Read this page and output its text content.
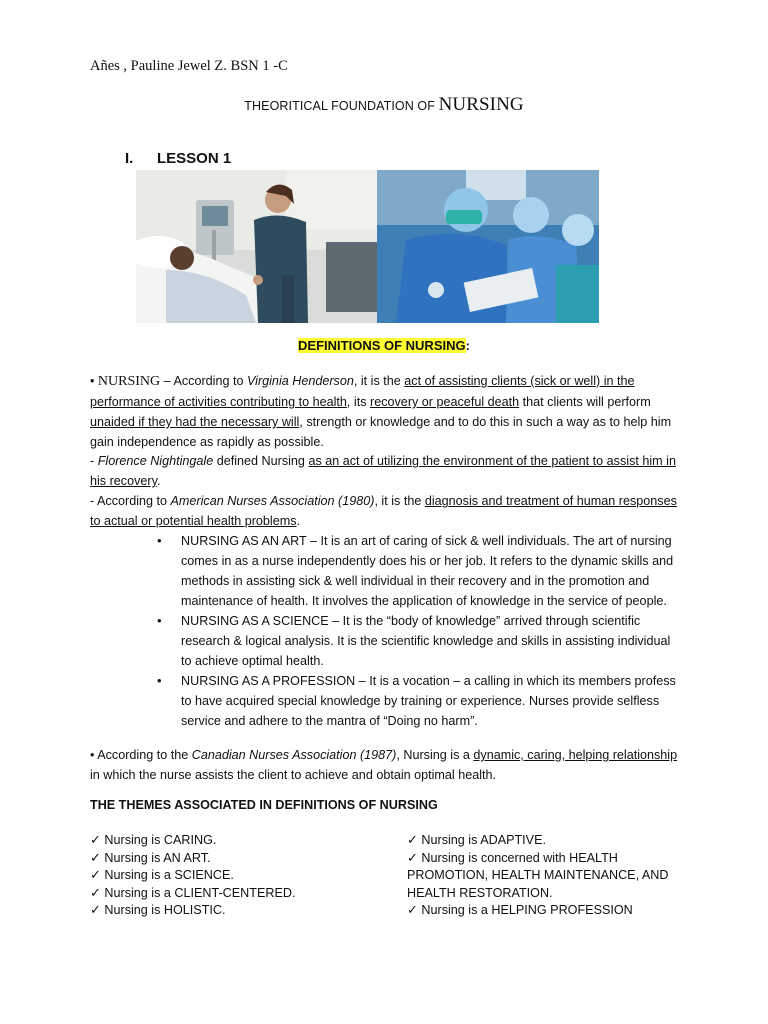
Añes , Pauline Jewel Z. BSN 1 -C
THEORITICAL FOUNDATION OF NURSING
I. LESSON 1
DEFINITIONS OF NURSING:
• NURSING – According to Virginia Henderson, it is the act of assisting clients (sick or well) in the performance of activities contributing to health, its recovery or peaceful death that clients will perform unaided if they had the necessary will, strength or knowledge and to do this in such a way as to help him gain independence as rapidly as possible.
- Florence Nightingale defined Nursing as an act of utilizing the environment of the patient to assist him in his recovery.
- According to American Nurses Association (1980), it is the diagnosis and treatment of human responses to actual or potential health problems.
• NURSING AS AN ART – It is an art of caring of sick & well individuals. The art of nursing comes in as a nurse independently does his or her job. It refers to the dynamic skills and methods in assisting sick & well individual in their recovery and in the promotion and maintenance of health. It involves the application of knowledge in the service of people.
• NURSING AS A SCIENCE – It is the “body of knowledge” arrived through scientific research & logical analysis. It is the scientific knowledge and skills in assisting individual to achieve optimal health.
• NURSING AS A PROFESSION – It is a vocation – a calling in which its members profess to have acquired special knowledge by training or experience. Nurses provide selfless service and adhere to the mantra of “Doing no harm”.
• According to the Canadian Nurses Association (1987), Nursing is a dynamic, caring, helping relationship in which the nurse assists the client to achieve and obtain optimal health.
THE THEMES ASSOCIATED IN DEFINITIONS OF NURSING
✓ Nursing is CARING.
✓ Nursing is AN ART.
✓ Nursing is a SCIENCE.
✓ Nursing is a CLIENT-CENTERED.
✓ Nursing is HOLISTIC.
✓ Nursing is ADAPTIVE.
✓ Nursing is concerned with HEALTH
PROMOTION, HEALTH MAINTENANCE, AND
HEALTH RESTORATION.
✓ Nursing is a HELPING PROFESSION
